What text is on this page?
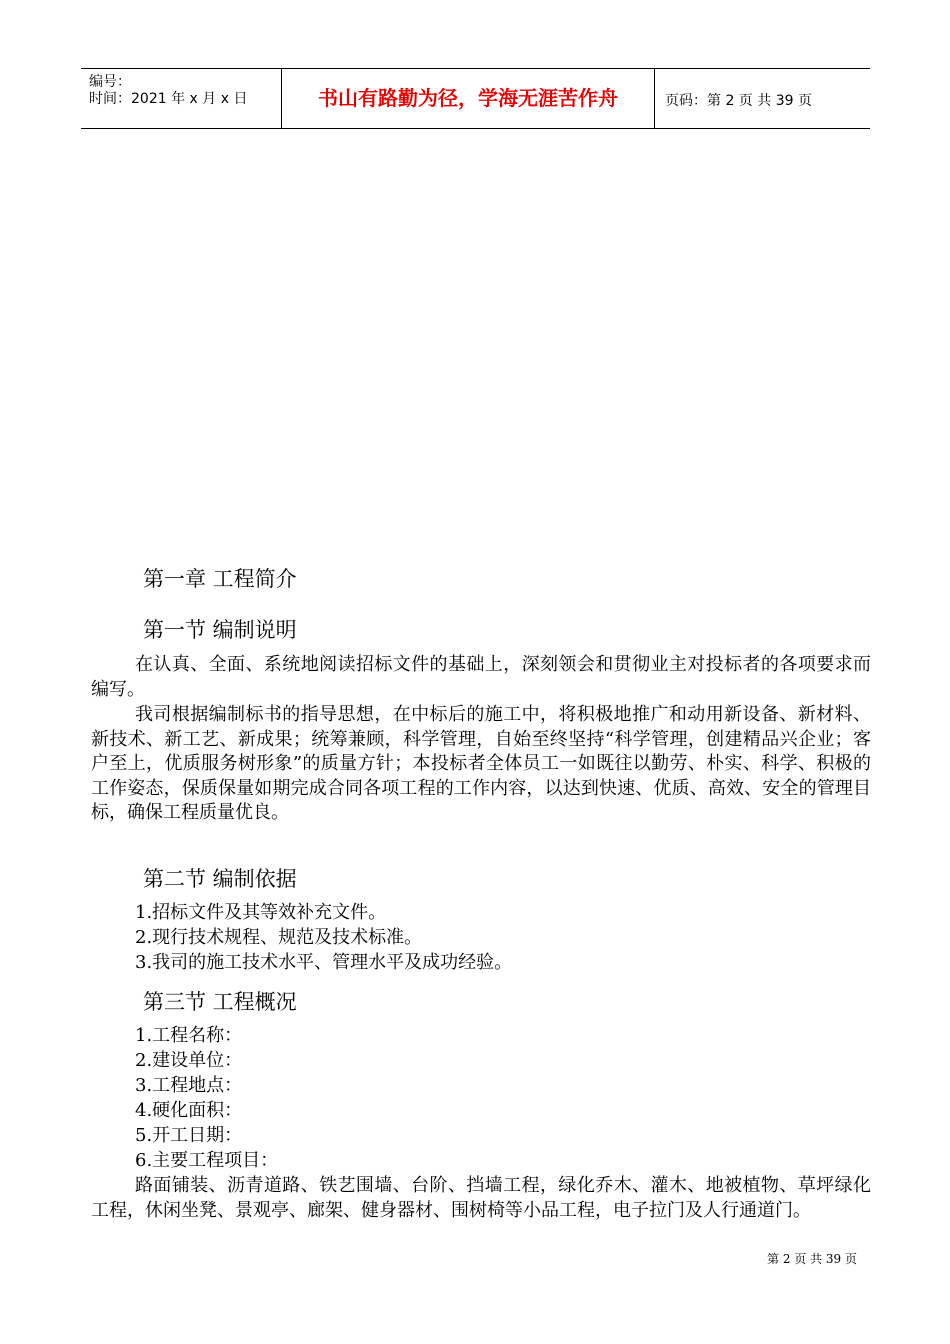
编号：
时间：2021 年 x 月 x 日	书山有路勤为径，学海无涯苦作舟	页码：第 2 页 共 39 页
第一章 工程简介
第一节 编制说明
在认真、全面、系统地阅读招标文件的基础上，深刻领会和贯彻业主对投标者的各项要求而编写。
我司根据编制标书的指导思想，在中标后的施工中，将积极地推广和动用新设备、新材料、新技术、新工艺、新成果；统筹兼顾，科学管理，自始至终坚持“科学管理，创建精品兴企业；客户至上，优质服务树形象”的质量方针；本投标者全体员工一如既往以勤劳、朴实、科学、积极的工作姿态，保质保量如期完成合同各项工程的工作内容，以达到快速、优质、高效、安全的管理目标，确保工程质量优良。
第二节 编制依据
1.招标文件及其等效补充文件。
2.现行技术规程、规范及技术标准。
3.我司的施工技术水平、管理水平及成功经验。
第三节 工程概况
1.工程名称：
2.建设单位：
3.工程地点：
4.硬化面积：
5.开工日期：
6.主要工程项目：
路面铺装、沥青道路、铁艺围墙、台阶、挡墙工程，绿化乔木、灌木、地被植物、草坪绿化工程，休闲坐凳、景观亭、廊架、健身器材、围树椅等小品工程，电子拉门及人行通道门。
第 2 页 共 39 页
